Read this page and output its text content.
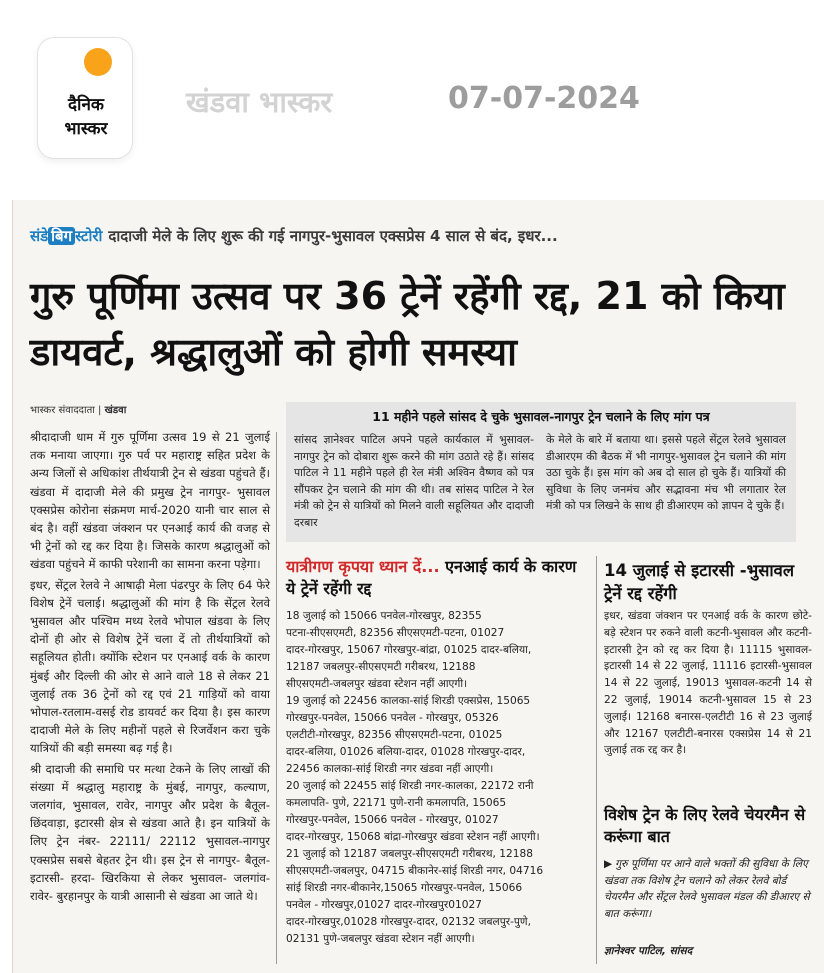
दैनिक
भास्कर
खंडवा भास्कर	07-07-2024
संडे बिग स्टोरी दादाजी मेले के लिए शुरू की गई नागपुर-भुसावल एक्सप्रेस 4 साल से बंद, इधर...
गुरु पूर्णिमा उत्सव पर 36 ट्रेनें रहेंगी रद्द, 21 को किया डायवर्ट, श्रद्धालुओं को होगी समस्या
भास्कर संवाददाता | खंडवा

श्रीदादाजी धाम में गुरु पूर्णिमा उत्सव 19 से 21 जुलाई तक मनाया जाएगा। गुरु पर्व पर महाराष्ट्र सहित प्रदेश के अन्य जिलों से अधिकांश तीर्थयात्री ट्रेन से खंडवा पहुंचते हैं। खंडवा में दादाजी मेले की प्रमुख ट्रेन नागपुर- भुसावल एक्सप्रेस कोरोना संक्रमण मार्च-2020 यानी चार साल से बंद है। वहीं खंडवा जंक्शन पर एनआई कार्य की वजह से भी ट्रेनों को रद्द कर दिया है। जिसके कारण श्रद्धालुओं को खंडवा पहुंचने में काफी परेशानी का सामना करना पड़ेगा।

इधर, सेंट्रल रेलवे ने आषाढ़ी मेला पंढरपुर के लिए 64 फेरे विशेष ट्रेनें चलाई। श्रद्धालुओं की मांग है कि सेंट्रल रेलवे भुसावल और पश्चिम मध्य रेलवे भोपाल खंडवा के लिए दोनों ही ओर से विशेष ट्रेनें चला दें तो तीर्थयात्रियों को सहूलियत होती। क्योंकि स्टेशन पर एनआई वर्क के कारण मुंबई और दिल्ली की ओर से आने वाले 18 से लेकर 21 जुलाई तक 36 ट्रेनों को रद्द एवं 21 गाड़ियों को वाया भोपाल-रतलाम-वसई रोड डायवर्ट कर दिया है। इस कारण दादाजी मेले के लिए महीनों पहले से रिजर्वेशन करा चुके यात्रियों की बड़ी समस्या बढ़ गई है।

श्री दादाजी की समाधि पर मत्था टेकने के लिए लाखों की संख्या में श्रद्धालु महाराष्ट्र के मुंबई, नागपुर, कल्याण, जलगांव, भुसावल, रावेर, नागपुर और प्रदेश के बैतूल-छिंदवाड़ा, इटारसी क्षेत्र से खंडवा आते है। इन यात्रियों के लिए ट्रेन नंबर- 22111/ 22112 भुसावल-नागपुर एक्सप्रेस सबसे बेहतर ट्रेन थी। इस ट्रेन से नागपुर- बैतूल-इटारसी- हरदा- खिरकिया से लेकर भुसावल- जलगांव- रावेर- बुरहानपुर के यात्री आसानी से खंडवा आ जाते थे।

11 महीने पहले सांसद दे चुके भुसावल-नागपुर ट्रेन चलाने के लिए मांग पत्र
सांसद ज्ञानेश्वर पाटिल अपने पहले कार्यकाल में भुसावल-नागपुर ट्रेन को दोबारा शुरू करने की मांग उठाते रहे हैं। सांसद पाटिल ने 11 महीने पहले ही रेल मंत्री अश्विन वैष्णव को पत्र सौंपकर ट्रेन चलाने की मांग की थी। तब सांसद पाटिल ने रेल मंत्री को ट्रेन से यात्रियों को मिलने वाली सहूलियत और दादाजी दरबार
के मेले के बारे में बताया था। इससे पहले सेंट्रल रेलवे भुसावल डीआरएम की बैठक में भी नागपुर-भुसावल ट्रेन चलाने की मांग उठा चुके हैं। इस मांग को अब दो साल हो चुके हैं। यात्रियों की सुविधा के लिए जनमंच और सद्भावना मंच भी लगातार रेल मंत्री को पत्र लिखने के साथ ही डीआरएम को ज्ञापन दे चुके हैं।
यात्रीगण कृपया ध्यान दें... एनआई कार्य के कारण ये ट्रेनें रहेंगी रद्द

18 जुलाई को 15066 पनवेल-गोरखपुर, 82355

पटना-सीएसएमटी, 82356 सीएसएमटी-पटना, 01027

दादर-गोरखपुर, 15067 गोरखपुर-बांद्रा, 01025 दादर-बलिया,

12187 जबलपुर-सीएसएमटी गरीबरथ, 12188

सीएसएमटी-जबलपुर खंडवा स्टेशन नहीं आएगी।

19 जुलाई को 22456 कालका-सांई शिरडी एक्सप्रेस, 15065

गोरखपुर-पनवेल, 15066 पनवेल - गोरखपुर, 05326

एलटीटी-गोरखपुर, 82356 सीएसएमटी-पटना, 01025

दादर-बलिया, 01026 बलिया-दादर, 01028 गोरखपुर-दादर,

22456 कालका-सांई शिरडी नगर खंडवा नहीं आएगी।

20 जुलाई को 22455 सांई शिरडी नगर-कालका, 22172 रानी

कमलापति- पुणे, 22171 पुणे-रानी कमलापति, 15065

गोरखपुर-पनवेल, 15066 पनवेल - गोरखपुर, 01027

दादर-गोरखपुर, 15068 बांद्रा-गोरखपुर खंडवा स्टेशन नहीं आएगी।

21 जुलाई को 12187 जबलपुर-सीएसएमटी गरीबरथ, 12188

सीएसएमटी-जबलपुर, 04715 बीकानेर-सांई शिरडी नगर, 04716

सांई शिरडी नगर-बीकानेर,15065 गोरखपुर-पनवेल, 15066

पनवेल - गोरखपुर,01027 दादर-गोरखपुर01027

दादर-गोरखपुर,01028 गोरखपुर-दादर, 02132 जबलपुर-पुणे,

02131 पुणे-जबलपुर खंडवा स्टेशन नहीं आएगी।

14 जुलाई से इटारसी -भुसावल ट्रेनें रद्द रहेंगी
इधर, खंडवा जंक्शन पर एनआई वर्क के कारण छोटे-बड़े स्टेशन पर रुकने वाली कटनी-भुसावल और कटनी-इटारसी ट्रेन को रद्द कर दिया है। 11115 भुसावल-इटारसी 14 से 22 जुलाई, 11116 इटारसी-भुसावल 14 से 22 जुलाई, 19013 भुसावल-कटनी 14 से 22 जुलाई, 19014 कटनी-भुसावल 15 से 23 जुलाई। 12168 बनारस-एलटीटी 16 से 23 जुलाई और 12167 एलटीटी-बनारस एक्सप्रेस 14 से 21 जुलाई तक रद्द कर है।
विशेष ट्रेन के लिए रेलवे चेयरमैन से करूंगा बात
▶ गुरु पूर्णिमा पर आने वाले भक्तों की सुविधा के लिए खंडवा तक विशेष ट्रेन चलाने को लेकर रेलवे बोर्ड चेयरमैन और सेंट्रल रेलवे भुसावल मंडल की डीआरए से बात करूंगा।
ज्ञानेश्वर पाटिल, सांसद
